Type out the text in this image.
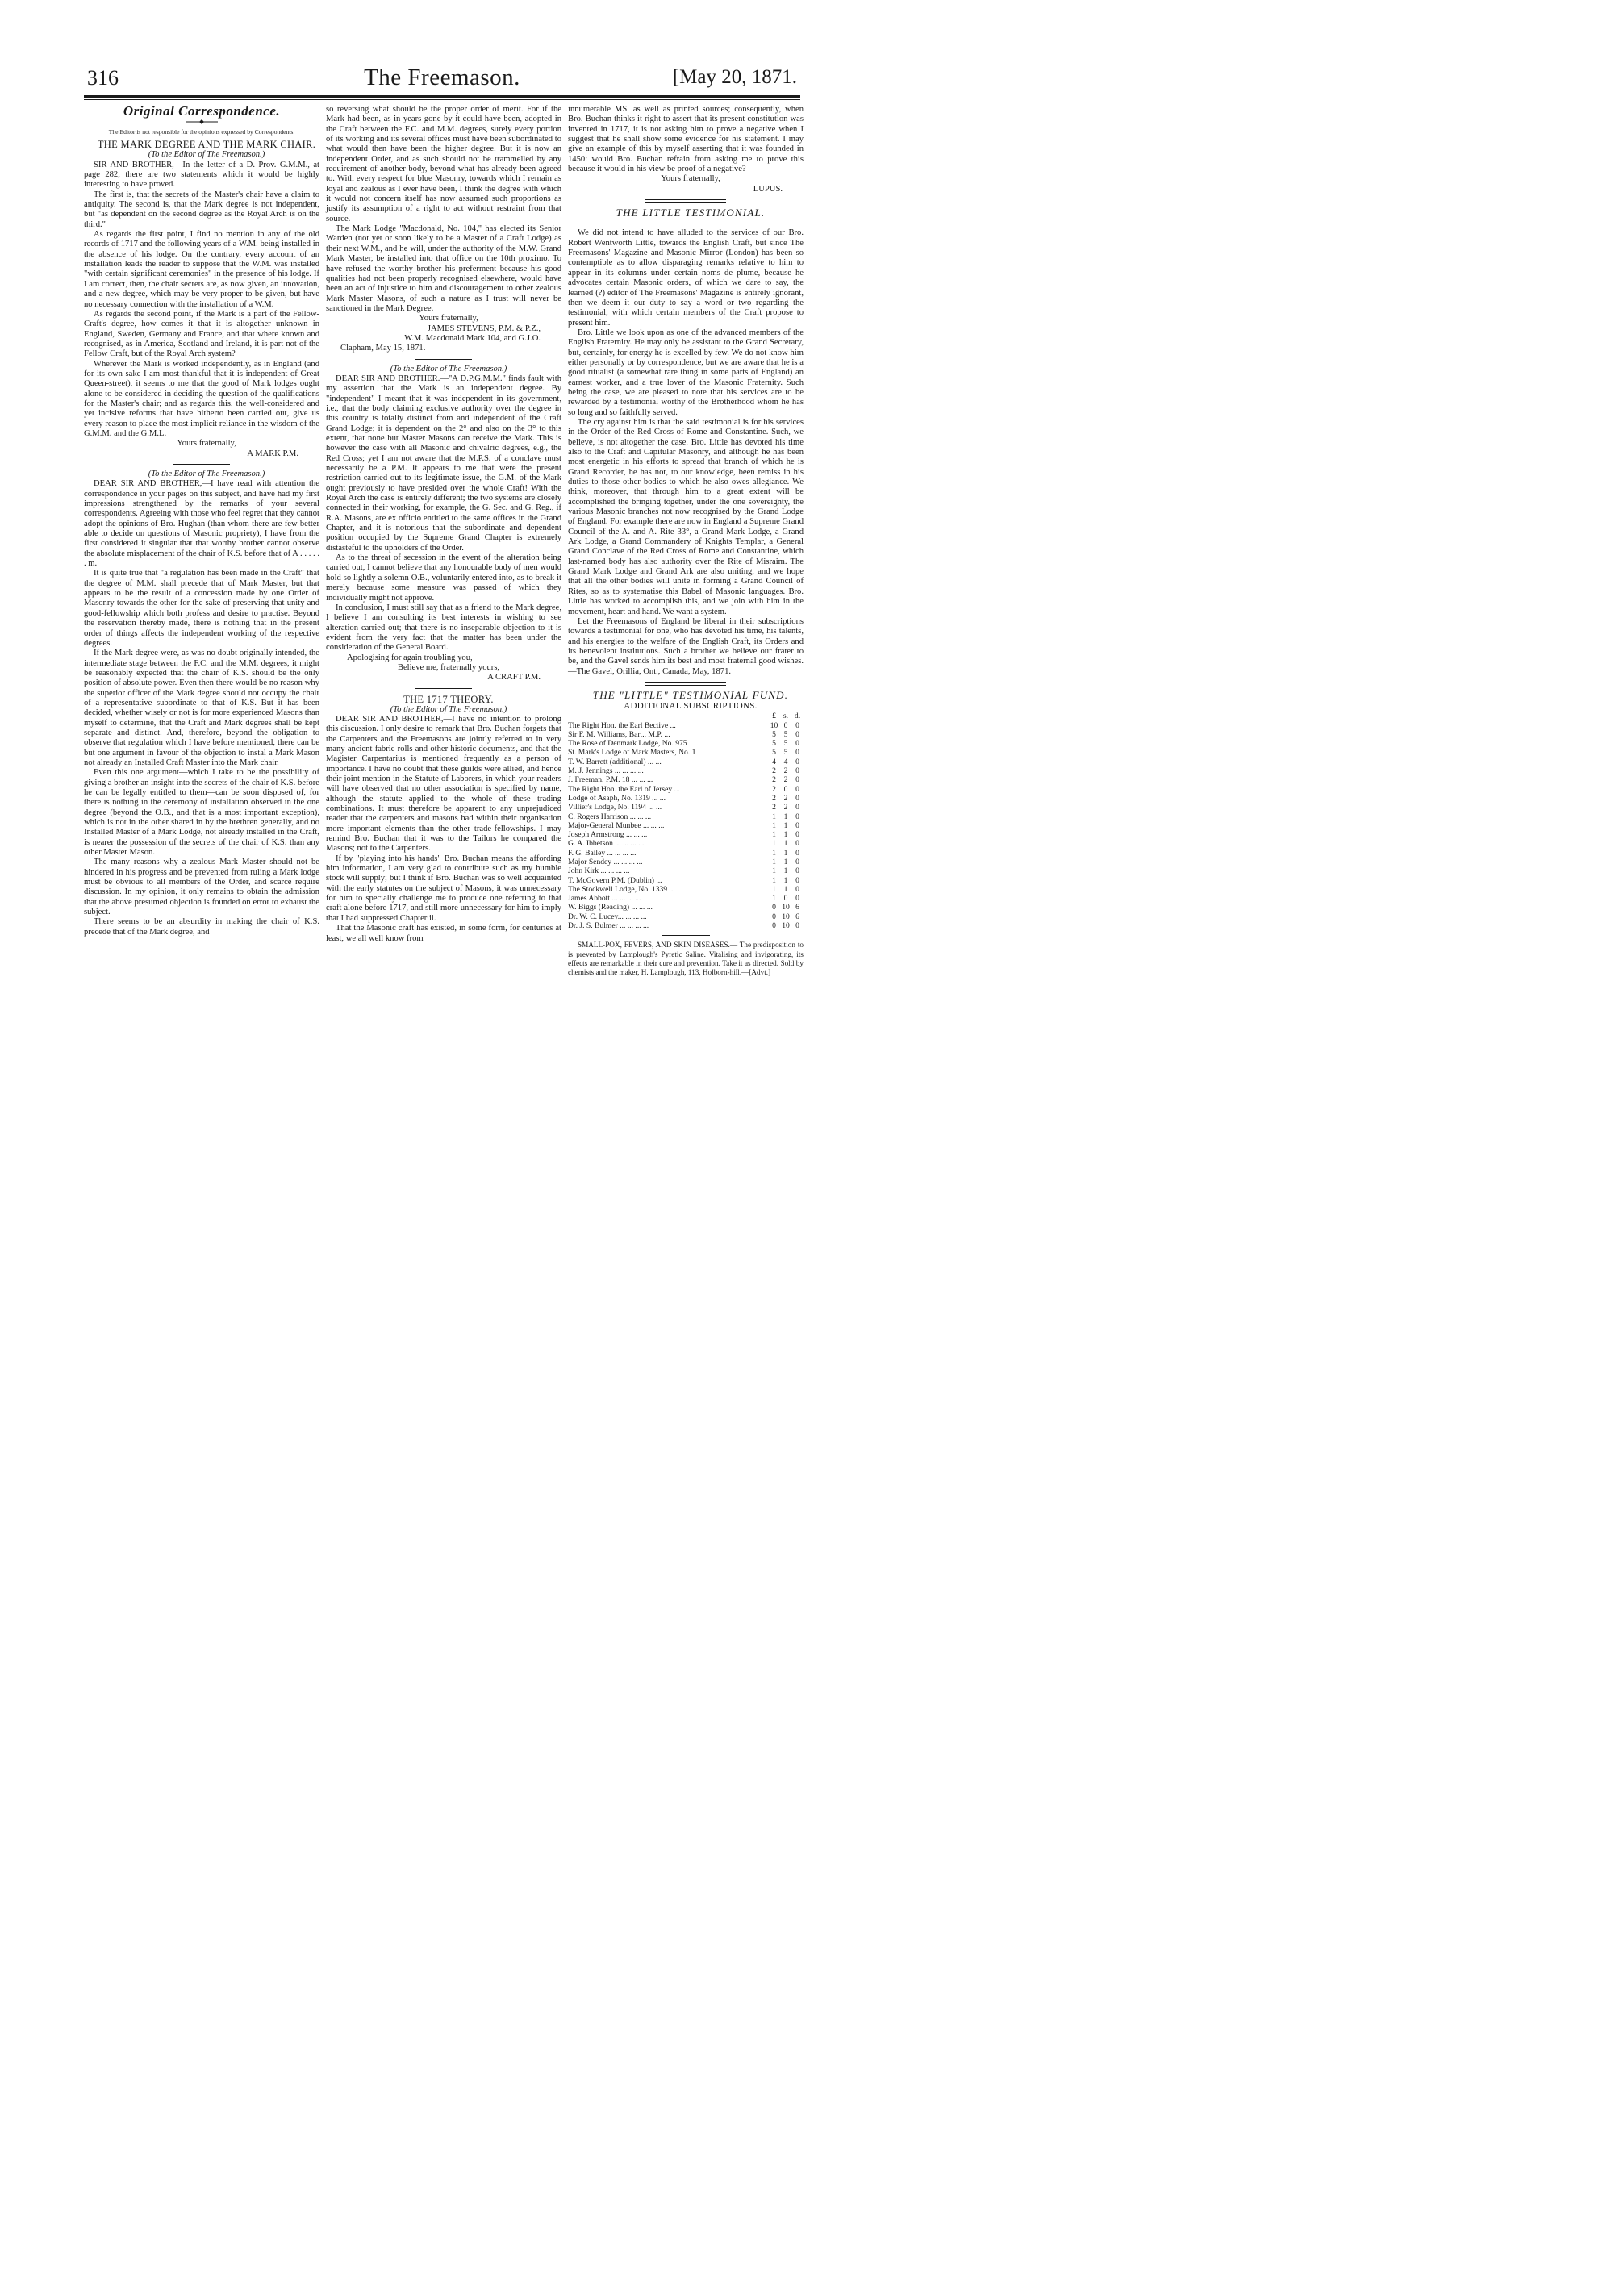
316	The Freemason.	[May 20, 1871.
Original Correspondence.
The Editor is not responsible for the opinions expressed by Correspondents.

THE MARK DEGREE AND THE MARK CHAIR.

(To the Editor of The Freemason.)

SIR AND BROTHER,—In the letter of a D. Prov. G.M.M., at page 282, there are two statements which it would be highly interesting to have proved.

The first is, that the secrets of the Master's chair have a claim to antiquity. The second is, that the Mark degree is not independent, but "as dependent on the second degree as the Royal Arch is on the third."

As regards the first point, I find no mention in any of the old records of 1717 and the following years of a W.M. being installed in the absence of his lodge. On the contrary, every account of an installation leads the reader to suppose that the W.M. was installed "with certain significant ceremonies" in the presence of his lodge. If I am correct, then, the chair secrets are, as now given, an innovation, and a new degree, which may be very proper to be given, but have no necessary connection with the installation of a W.M.

As regards the second point, if the Mark is a part of the Fellow-Craft's degree, how comes it that it is altogether unknown in England, Sweden, Germany and France, and that where known and recognised, as in America, Scotland and Ireland, it is part not of the Fellow Craft, but of the Royal Arch system?

Wherever the Mark is worked independently, as in England (and for its own sake I am most thankful that it is independent of Great Queen-street), it seems to me that the good of Mark lodges ought alone to be considered in deciding the question of the qualifications for the Master's chair; and as regards this, the well-considered and yet incisive reforms that have hitherto been carried out, give us every reason to place the most implicit reliance in the wisdom of the G.M.M. and the G.M.L.

Yours fraternally,

A MARK P.M.

(To the Editor of The Freemason.)

DEAR SIR AND BROTHER,—I have read with attention the correspondence in your pages on this subject, and have had my first impressions strengthened by the remarks of your several correspondents. Agreeing with those who feel regret that they cannot adopt the opinions of Bro. Hughan (than whom there are few better able to decide on questions of Masonic propriety), I have from the first considered it singular that that worthy brother cannot observe the absolute misplacement of the chair of K.S. before that of A . . . . . . m.

It is quite true that "a regulation has been made in the Craft" that the degree of M.M. shall precede that of Mark Master, but that appears to be the result of a concession made by one Order of Masonry towards the other for the sake of preserving that unity and good-fellowship which both profess and desire to practise. Beyond the reservation thereby made, there is nothing that in the present order of things affects the independent working of the respective degrees.

If the Mark degree were, as was no doubt originally intended, the intermediate stage between the F.C. and the M.M. degrees, it might be reasonably expected that the chair of K.S. should be the only position of absolute power. Even then there would be no reason why the superior officer of the Mark degree should not occupy the chair of a representative subordinate to that of K.S. But it has been decided, whether wisely or not is for more experienced Masons than myself to determine, that the Craft and Mark degrees shall be kept separate and distinct. And, therefore, beyond the obligation to observe that regulation which I have before mentioned, there can be but one argument in favour of the objection to instal a Mark Mason not already an Installed Craft Master into the Mark chair.

Even this one argument—which I take to be the possibility of giving a brother an insight into the secrets of the chair of K.S. before he can be legally entitled to them—can be soon disposed of, for there is nothing in the ceremony of installation observed in the one degree (beyond the O.B., and that is a most important exception), which is not in the other shared in by the brethren generally, and no Installed Master of a Mark Lodge, not already installed in the Craft, is nearer the possession of the secrets of the chair of K.S. than any other Master Mason.

The many reasons why a zealous Mark Master should not be hindered in his progress and be prevented from ruling a Mark lodge must be obvious to all members of the Order, and scarce require discussion. In my opinion, it only remains to obtain the admission that the above presumed objection is founded on error to exhaust the subject.

There seems to be an absurdity in making the chair of K.S. precede that of the Mark degree, and

so reversing what should be the proper order of merit. For if the Mark had been, as in years gone by it could have been, adopted in the Craft between the F.C. and M.M. degrees, surely every portion of its working and its several offices must have been subordinated to what would then have been the higher degree. But it is now an independent Order, and as such should not be trammelled by any requirement of another body, beyond what has already been agreed to. With every respect for blue Masonry, towards which I remain as loyal and zealous as I ever have been, I think the degree with which it would not concern itself has now assumed such proportions as justify its assumption of a right to act without restraint from that source.

The Mark Lodge "Macdonald, No. 104," has elected its Senior Warden (not yet or soon likely to be a Master of a Craft Lodge) as their next W.M., and he will, under the authority of the M.W. Grand Mark Master, be installed into that office on the 10th proximo. To have refused the worthy brother his preferment because his good qualities had not been properly recognised elsewhere, would have been an act of injustice to him and discouragement to other zealous Mark Master Masons, of such a nature as I trust will never be sanctioned in the Mark Degree.

Yours fraternally,

JAMES STEVENS, P.M. & P.Z.,

W.M. Macdonald Mark 104, and G.J.O.

Clapham, May 15, 1871.

(To the Editor of The Freemason.)

DEAR SIR AND BROTHER.—"A D.P.G.M.M." finds fault with my assertion that the Mark is an independent degree. By "independent" I meant that it was independent in its government, i.e., that the body claiming exclusive authority over the degree in this country is totally distinct from and independent of the Craft Grand Lodge; it is dependent on the 2° and also on the 3° to this extent, that none but Master Masons can receive the Mark. This is however the case with all Masonic and chivalric degrees, e.g., the Red Cross; yet I am not aware that the M.P.S. of a conclave must necessarily be a P.M. It appears to me that were the present restriction carried out to its legitimate issue, the G.M. of the Mark ought previously to have presided over the whole Craft! With the Royal Arch the case is entirely different; the two systems are closely connected in their working, for example, the G. Sec. and G. Reg., if R.A. Masons, are ex officio entitled to the same offices in the Grand Chapter, and it is notorious that the subordinate and dependent position occupied by the Supreme Grand Chapter is extremely distasteful to the upholders of the Order.

As to the threat of secession in the event of the alteration being carried out, I cannot believe that any honourable body of men would hold so lightly a solemn O.B., voluntarily entered into, as to break it merely because some measure was passed of which they individually might not approve.

In conclusion, I must still say that as a friend to the Mark degree, I believe I am consulting its best interests in wishing to see alteration carried out; that there is no inseparable objection to it is evident from the very fact that the matter has been under the consideration of the General Board.

Apologising for again troubling you,

Believe me, fraternally yours,

A CRAFT P.M.

THE 1717 THEORY.

(To the Editor of The Freemason.)

DEAR SIR AND BROTHER,—I have no intention to prolong this discussion. I only desire to remark that Bro. Buchan forgets that the Carpenters and the Freemasons are jointly referred to in very many ancient fabric rolls and other historic documents, and that the Magister Carpentarius is mentioned frequently as a person of importance. I have no doubt that these guilds were allied, and hence their joint mention in the Statute of Laborers, in which your readers will have observed that no other association is specified by name, although the statute applied to the whole of these trading combinations. It must therefore be apparent to any unprejudiced reader that the carpenters and masons had within their organisation more important elements than the other trade-fellowships. I may remind Bro. Buchan that it was to the Tailors he compared the Masons; not to the Carpenters.

If by "playing into his hands" Bro. Buchan means the affording him information, I am very glad to contribute such as my humble stock will supply; but I think if Bro. Buchan was so well acquainted with the early statutes on the subject of Masons, it was unnecessary for him to specially challenge me to produce one referring to that craft alone before 1717, and still more unnecessary for him to imply that I had suppressed Chapter ii.

That the Masonic craft has existed, in some form, for centuries at least, we all well know from

innumerable MS. as well as printed sources; consequently, when Bro. Buchan thinks it right to assert that its present constitution was invented in 1717, it is not asking him to prove a negative when I suggest that he shall show some evidence for his statement. I may give an example of this by myself asserting that it was founded in 1450: would Bro. Buchan refrain from asking me to prove this because it would in his view be proof of a negative?

Yours fraternally,

LUPUS.

THE LITTLE TESTIMONIAL.

We did not intend to have alluded to the services of our Bro. Robert Wentworth Little, towards the English Craft, but since The Freemasons' Magazine and Masonic Mirror (London) has been so contemptible as to allow disparaging remarks relative to him to appear in its columns under certain noms de plume, because he advocates certain Masonic orders, of which we dare to say, the learned (?) editor of The Freemasons' Magazine is entirely ignorant, then we deem it our duty to say a word or two regarding the testimonial, with which certain members of the Craft propose to present him.

Bro. Little we look upon as one of the advanced members of the English Fraternity. He may only be assistant to the Grand Secretary, but, certainly, for energy he is excelled by few. We do not know him either personally or by correspondence, but we are aware that he is a good ritualist (a somewhat rare thing in some parts of England) an earnest worker, and a true lover of the Masonic Fraternity. Such being the case, we are pleased to note that his services are to be rewarded by a testimonial worthy of the Brotherhood whom he has so long and so faithfully served.

The cry against him is that the said testimonial is for his services in the Order of the Red Cross of Rome and Constantine. Such, we believe, is not altogether the case. Bro. Little has devoted his time also to the Craft and Capitular Masonry, and although he has been most energetic in his efforts to spread that branch of which he is Grand Recorder, he has not, to our knowledge, been remiss in his duties to those other bodies to which he also owes allegiance. We think, moreover, that through him to a great extent will be accomplished the bringing together, under the one sovereignty, the various Masonic branches not now recognised by the Grand Lodge of England. For example there are now in England a Supreme Grand Council of the A. and A. Rite 33°, a Grand Mark Lodge, a Grand Ark Lodge, a Grand Commandery of Knights Templar, a General Grand Conclave of the Red Cross of Rome and Constantine, which last-named body has also authority over the Rite of Misraim. The Grand Mark Lodge and Grand Ark are also uniting, and we hope that all the other bodies will unite in forming a Grand Council of Rites, so as to systematise this Babel of Masonic languages. Bro. Little has worked to accomplish this, and we join with him in the movement, heart and hand. We want a system.

Let the Freemasons of England be liberal in their subscriptions towards a testimonial for one, who has devoted his time, his talents, and his energies to the welfare of the English Craft, its Orders and its benevolent institutions. Such a brother we believe our frater to be, and the Gavel sends him its best and most fraternal good wishes. —The Gavel, Orillia, Ont., Canada, May, 1871.

THE "LITTLE" TESTIMONIAL FUND.

ADDITIONAL SUBSCRIPTIONS.

	£	s.	d.
The Right Hon. the Earl Bective ...	10	0	0
Sir F. M. Williams, Bart., M.P. ...	5	5	0
The Rose of Denmark Lodge, No. 975	5	5	0
St. Mark's Lodge of Mark Masters, No. 1	5	5	0
T. W. Barrett (additional) ... ...	4	4	0
M. J. Jennings ... ... ... ...	2	2	0
J. Freeman, P.M. 18 ... ... ...	2	2	0
The Right Hon. the Earl of Jersey ...	2	0	0
Lodge of Asaph, No. 1319 ... ...	2	2	0
Villier's Lodge, No. 1194 ... ...	2	2	0
C. Rogers Harrison ... ... ...	1	1	0
Major-General Munbee ... ... ...	1	1	0
Joseph Armstrong ... ... ...	1	1	0
G. A. Ibbetson ... ... ... ...	1	1	0
F. G. Bailey ... ... ... ...	1	1	0
Major Sendey ... ... ... ...	1	1	0
John Kirk ... ... ... ...	1	1	0
T. McGovern P.M. (Dublin) ...	1	1	0
The Stockwell Lodge, No. 1339 ...	1	1	0
James Abbott ... ... ... ...	1	0	0
W. Biggs (Reading) ... ... ...	0	10	6
Dr. W. C. Lucey... ... ... ...	0	10	6
Dr. J. S. Bulmer ... ... ... ...	0	10	0

SMALL-POX, FEVERS, AND SKIN DISEASES.— The predisposition to is prevented by Lamplough's Pyretic Saline. Vitalising and invigorating, its effects are remarkable in their cure and prevention. Take it as directed. Sold by chemists and the maker, H. Lamplough, 113, Holborn-hill.—[Advt.]
